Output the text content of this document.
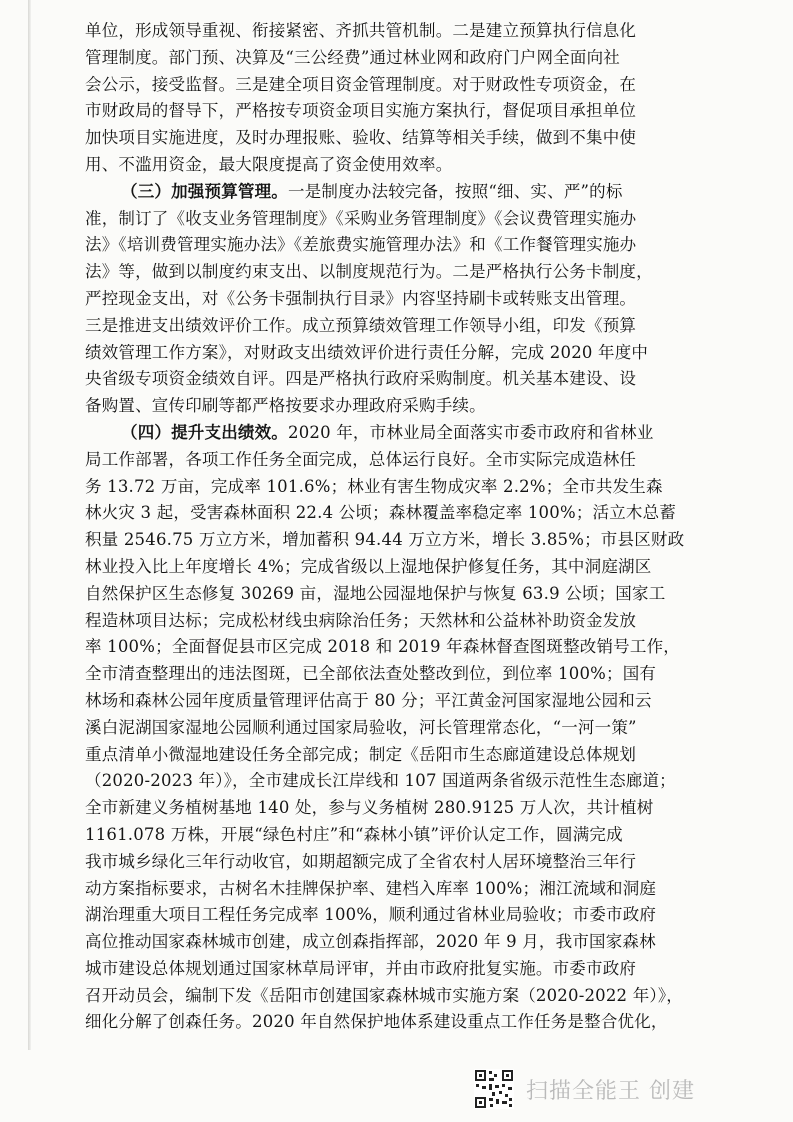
单位，形成领导重视、衔接紧密、齐抓共管机制。二是建立预算执行信息化
管理制度。部门预、决算及“三公经费”通过林业网和政府门户网全面向社
会公示，接受监督。三是建全项目资金管理制度。对于财政性专项资金，在
市财政局的督导下，严格按专项资金项目实施方案执行，督促项目承担单位
加快项目实施进度，及时办理报账、验收、结算等相关手续，做到不集中使
用、不滥用资金，最大限度提高了资金使用效率。
（三）加强预算管理。一是制度办法较完备，按照“细、实、严”的标
准，制订了《收支业务管理制度》《采购业务管理制度》《会议费管理实施办
法》《培训费管理实施办法》《差旅费实施管理办法》和《工作餐管理实施办
法》等，做到以制度约束支出、以制度规范行为。二是严格执行公务卡制度，
严控现金支出，对《公务卡强制执行目录》内容坚持刷卡或转账支出管理。
三是推进支出绩效评价工作。成立预算绩效管理工作领导小组，印发《预算
绩效管理工作方案》，对财政支出绩效评价进行责任分解，完成 2020 年度中
央省级专项资金绩效自评。四是严格执行政府采购制度。机关基本建设、设
备购置、宣传印刷等都严格按要求办理政府采购手续。
（四）提升支出绩效。2020 年，市林业局全面落实市委市政府和省林业
局工作部署，各项工作任务全面完成，总体运行良好。全市实际完成造林任
务 13.72 万亩，完成率 101.6%；林业有害生物成灾率 2.2%；全市共发生森
林火灾 3 起，受害森林面积 22.4 公顷；森林覆盖率稳定率 100%；活立木总蓄
积量 2546.75 万立方米，增加蓄积 94.44 万立方米，增长 3.85%；市县区财政
林业投入比上年度增长 4%；完成省级以上湿地保护修复任务，其中洞庭湖区
自然保护区生态修复 30269 亩，湿地公园湿地保护与恢复 63.9 公顷；国家工
程造林项目达标；完成松材线虫病除治任务；天然林和公益林补助资金发放
率 100%；全面督促县市区完成 2018 和 2019 年森林督查图斑整改销号工作，
全市清查整理出的违法图斑，已全部依法查处整改到位，到位率 100%；国有
林场和森林公园年度质量管理评估高于 80 分；平江黄金河国家湿地公园和云
溪白泥湖国家湿地公园顺利通过国家局验收，河长管理常态化，“一河一策”
重点清单小微湿地建设任务全部完成；制定《岳阳市生态廊道建设总体规划
（2020-2023 年）》，全市建成长江岸线和 107 国道两条省级示范性生态廊道；
全市新建义务植树基地 140 处，参与义务植树 280.9125 万人次，共计植树
1161.078 万株，开展“绿色村庄”和“森林小镇”评价认定工作，圆满完成
我市城乡绿化三年行动收官，如期超额完成了全省农村人居环境整治三年行
动方案指标要求，古树名木挂牌保护率、建档入库率 100%；湘江流域和洞庭
湖治理重大项目工程任务完成率 100%，顺利通过省林业局验收；市委市政府
高位推动国家森林城市创建，成立创森指挥部，2020 年 9 月，我市国家森林
城市建设总体规划通过国家林草局评审，并由市政府批复实施。市委市政府
召开动员会，编制下发《岳阳市创建国家森林城市实施方案（2020-2022 年）》，
细化分解了创森任务。2020 年自然保护地体系建设重点工作任务是整合优化，
扫描全能王 创建
